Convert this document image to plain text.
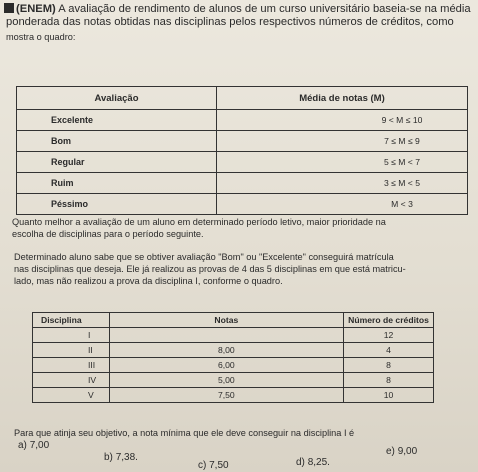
(ENEM) A avaliação de rendimento de alunos de um curso universitário baseia-se na média
ponderada das notas obtidas nas disciplinas pelos respectivos números de créditos, como
mostra o quadro:
Avaliação	Média de notas (M)
Excelente	9 < M ≤ 10
Bom	7 ≤ M ≤ 9
Regular	5 ≤ M < 7
Ruim	3 ≤ M < 5
Péssimo	M < 3
Quanto melhor a avaliação de um aluno em determinado período letivo, maior prioridade na
escolha de disciplinas para o período seguinte.
Determinado aluno sabe que se obtiver avaliação "Bom" ou "Excelente" conseguirá matrícula
nas disciplinas que deseja. Ele já realizou as provas de 4 das 5 disciplinas em que está matricu-
lado, mas não realizou a prova da disciplina I, conforme o quadro.
Disciplina	Notas	Número de créditos
I		12
II	8,00	4
III	6,00	8
IV	5,00	8
V	7,50	10
Para que atinja seu objetivo, a nota mínima que ele deve conseguir na disciplina I é
a) 7,00
b) 7,38.
c) 7,50	d) 8,25.
e) 9,00
